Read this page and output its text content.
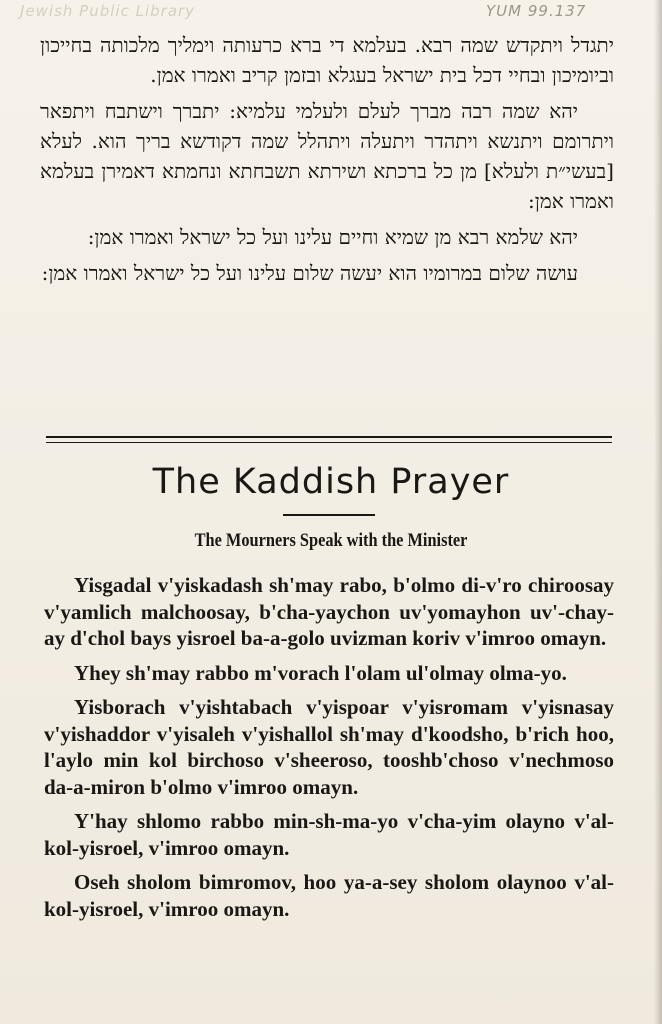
Jewish Public Library	YUM 99.137

יתגדל ויתקדש שמה רבא. בעלמא די ברא כרעותה וימליך מלכותה בחייכון וביומיכון ובחיי דכל בית ישראל בעגלא ובזמן קריב ואמרו אמן.

יהא שמה רבה מברך לעלם ולעלמי עלמיא: יתברך וישתבח ויתפאר ויתרומם ויתנשא ויתהדר ויתעלה ויתהלל שמה דקודשא בריך הוא. לעלא [בעשי״ת ולעלא] מן כל ברכתא ושירתא תשבחתא ונחמתא דאמירן בעלמא ואמרו אמן:

יהא שלמא רבא מן שמיא וחיים עלינו ועל כל ישראל ואמרו אמן:

עושה שלום במרומיו הוא יעשה שלום עלינו ועל כל ישראל ואמרו אמן:

The Kaddish Prayer
The Mourners Speak with the Minister

Yisgadal v'yiskadash sh'may rabo, b'olmo di-v'ro chiroosay v'yamlich malchoosay, b'cha-yaychon uv'yomayhon uv'-chay-ay d'chol bays yisroel ba-a-golo uvizman koriv v'imroo omayn.

Yhey sh'may rabbo m'vorach l'olam ul'olmay olma-yo.

Yisborach v'yishtabach v'yispoar v'yisromam v'yisnasay v'yishaddor v'yisaleh v'yishallol sh'may d'koodsho, b'rich hoo, l'aylo min kol birchoso v'sheeroso, tooshb'choso v'nechmoso da-a-miron b'olmo v'imroo omayn.

Y'hay shlomo rabbo min-sh-ma-yo v'cha-yim olayno v'al-kol-yisroel, v'imroo omayn.

Oseh sholom bimromov, hoo ya-a-sey sholom olaynoo v'al-kol-yisroel, v'imroo omayn.
